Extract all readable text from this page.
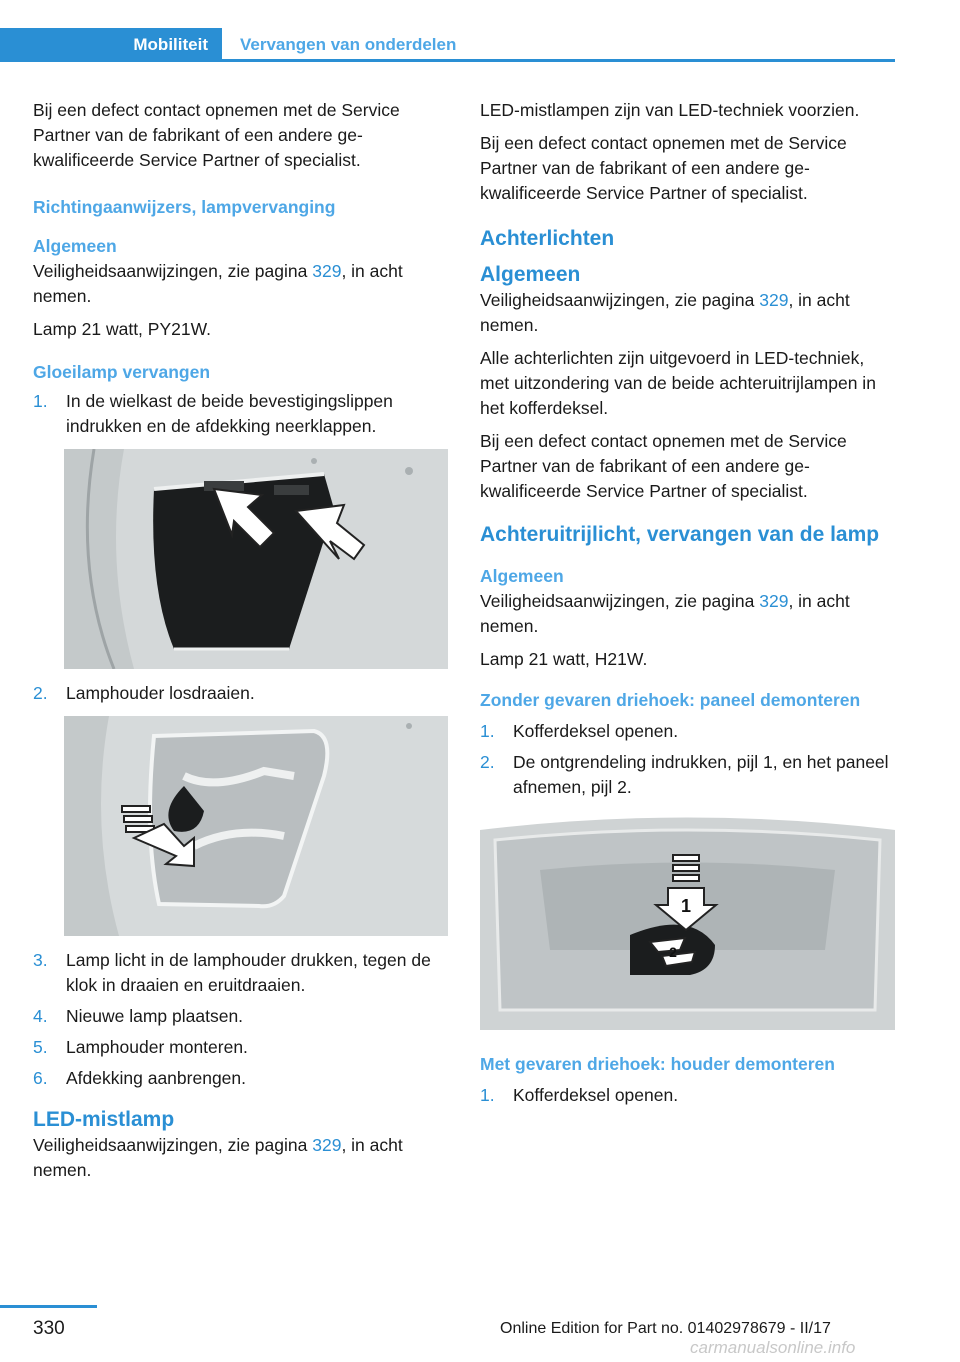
Mobiliteit	Vervangen van onderdelen

Bij een defect contact opnemen met de Service Partner van de fabrikant of een andere gekwalificeerde Service Partner of specialist.

Richtingaanwijzers, lampvervanging
Algemeen

Veiligheidsaanwijzingen, zie pagina 329, in acht nemen.

Lamp 21 watt, PY21W.

Gloeilamp vervangen
1.	In de wielkast de beide bevestigingslippen indrukken en de afdekking neerklappen.
2.	Lamphouder losdraaien.
3.	Lamp licht in de lamphouder drukken, tegen de klok in draaien en eruitdraaien.
4.	Nieuwe lamp plaatsen.
5.	Lamphouder monteren.
6.	Afdekking aanbrengen.
LED-mistlamp

Veiligheidsaanwijzingen, zie pagina 329, in acht nemen.

LED-mistlampen zijn van LED-techniek voorzien.

Bij een defect contact opnemen met de Service Partner van de fabrikant of een andere gekwalificeerde Service Partner of specialist.

Achterlichten
Algemeen

Veiligheidsaanwijzingen, zie pagina 329, in acht nemen.

Alle achterlichten zijn uitgevoerd in LED-techniek, met uitzondering van de beide achteruitrijlampen in het kofferdeksel.

Bij een defect contact opnemen met de Service Partner van de fabrikant of een andere gekwalificeerde Service Partner of specialist.

Achteruitrijlicht, vervangen van de lamp
Algemeen

Veiligheidsaanwijzingen, zie pagina 329, in acht nemen.

Lamp 21 watt, H21W.

Zonder gevaren driehoek: paneel demonteren
1.	Kofferdeksel openen.
2.	De ontgrendeling indrukken, pijl 1, en het paneel afnemen, pijl 2.
1
2
Met gevaren driehoek: houder demonteren
1.	Kofferdeksel openen.
330	Online Edition for Part no. 01402978679 - II/17
carmanualsonline.info
